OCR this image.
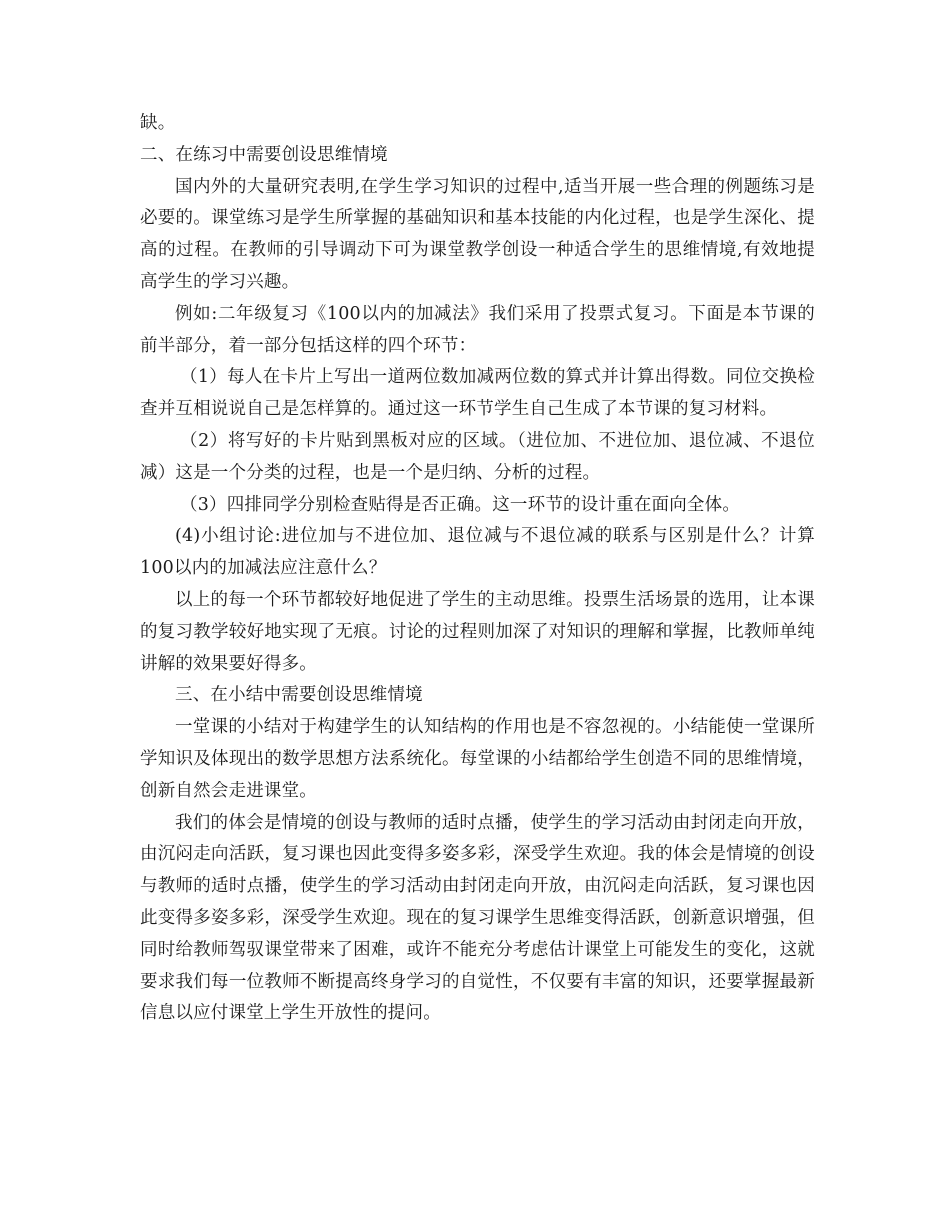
缺。

二、在练习中需要创设思维情境

国内外的大量研究表明,在学生学习知识的过程中,适当开展一些合理的例题练习是必要的。课堂练习是学生所掌握的基础知识和基本技能的内化过程，也是学生深化、提高的过程。在教师的引导调动下可为课堂教学创设一种适合学生的思维情境,有效地提高学生的学习兴趣。

例如:二年级复习《100以内的加减法》我们采用了投票式复习。下面是本节课的前半部分，着一部分包括这样的四个环节：

（1）每人在卡片上写出一道两位数加减两位数的算式并计算出得数。同位交换检查并互相说说自己是怎样算的。通过这一环节学生自己生成了本节课的复习材料。

（2）将写好的卡片贴到黑板对应的区域。（进位加、不进位加、退位减、不退位减）这是一个分类的过程，也是一个是归纳、分析的过程。

（3）四排同学分别检查贴得是否正确。这一环节的设计重在面向全体。

(4)小组讨论:进位加与不进位加、退位减与不退位减的联系与区别是什么？计算100以内的加减法应注意什么？

以上的每一个环节都较好地促进了学生的主动思维。投票生活场景的选用，让本课的复习教学较好地实现了无痕。讨论的过程则加深了对知识的理解和掌握，比教师单纯讲解的效果要好得多。

三、在小结中需要创设思维情境

一堂课的小结对于构建学生的认知结构的作用也是不容忽视的。小结能使一堂课所学知识及体现出的数学思想方法系统化。每堂课的小结都给学生创造不同的思维情境，创新自然会走进课堂。

我们的体会是情境的创设与教师的适时点播，使学生的学习活动由封闭走向开放，由沉闷走向活跃，复习课也因此变得多姿多彩，深受学生欢迎。我的体会是情境的创设与教师的适时点播，使学生的学习活动由封闭走向开放，由沉闷走向活跃，复习课也因此变得多姿多彩，深受学生欢迎。现在的复习课学生思维变得活跃，创新意识增强，但同时给教师驾驭课堂带来了困难，或许不能充分考虑估计课堂上可能发生的变化，这就要求我们每一位教师不断提高终身学习的自觉性，不仅要有丰富的知识，还要掌握最新信息以应付课堂上学生开放性的提问。
